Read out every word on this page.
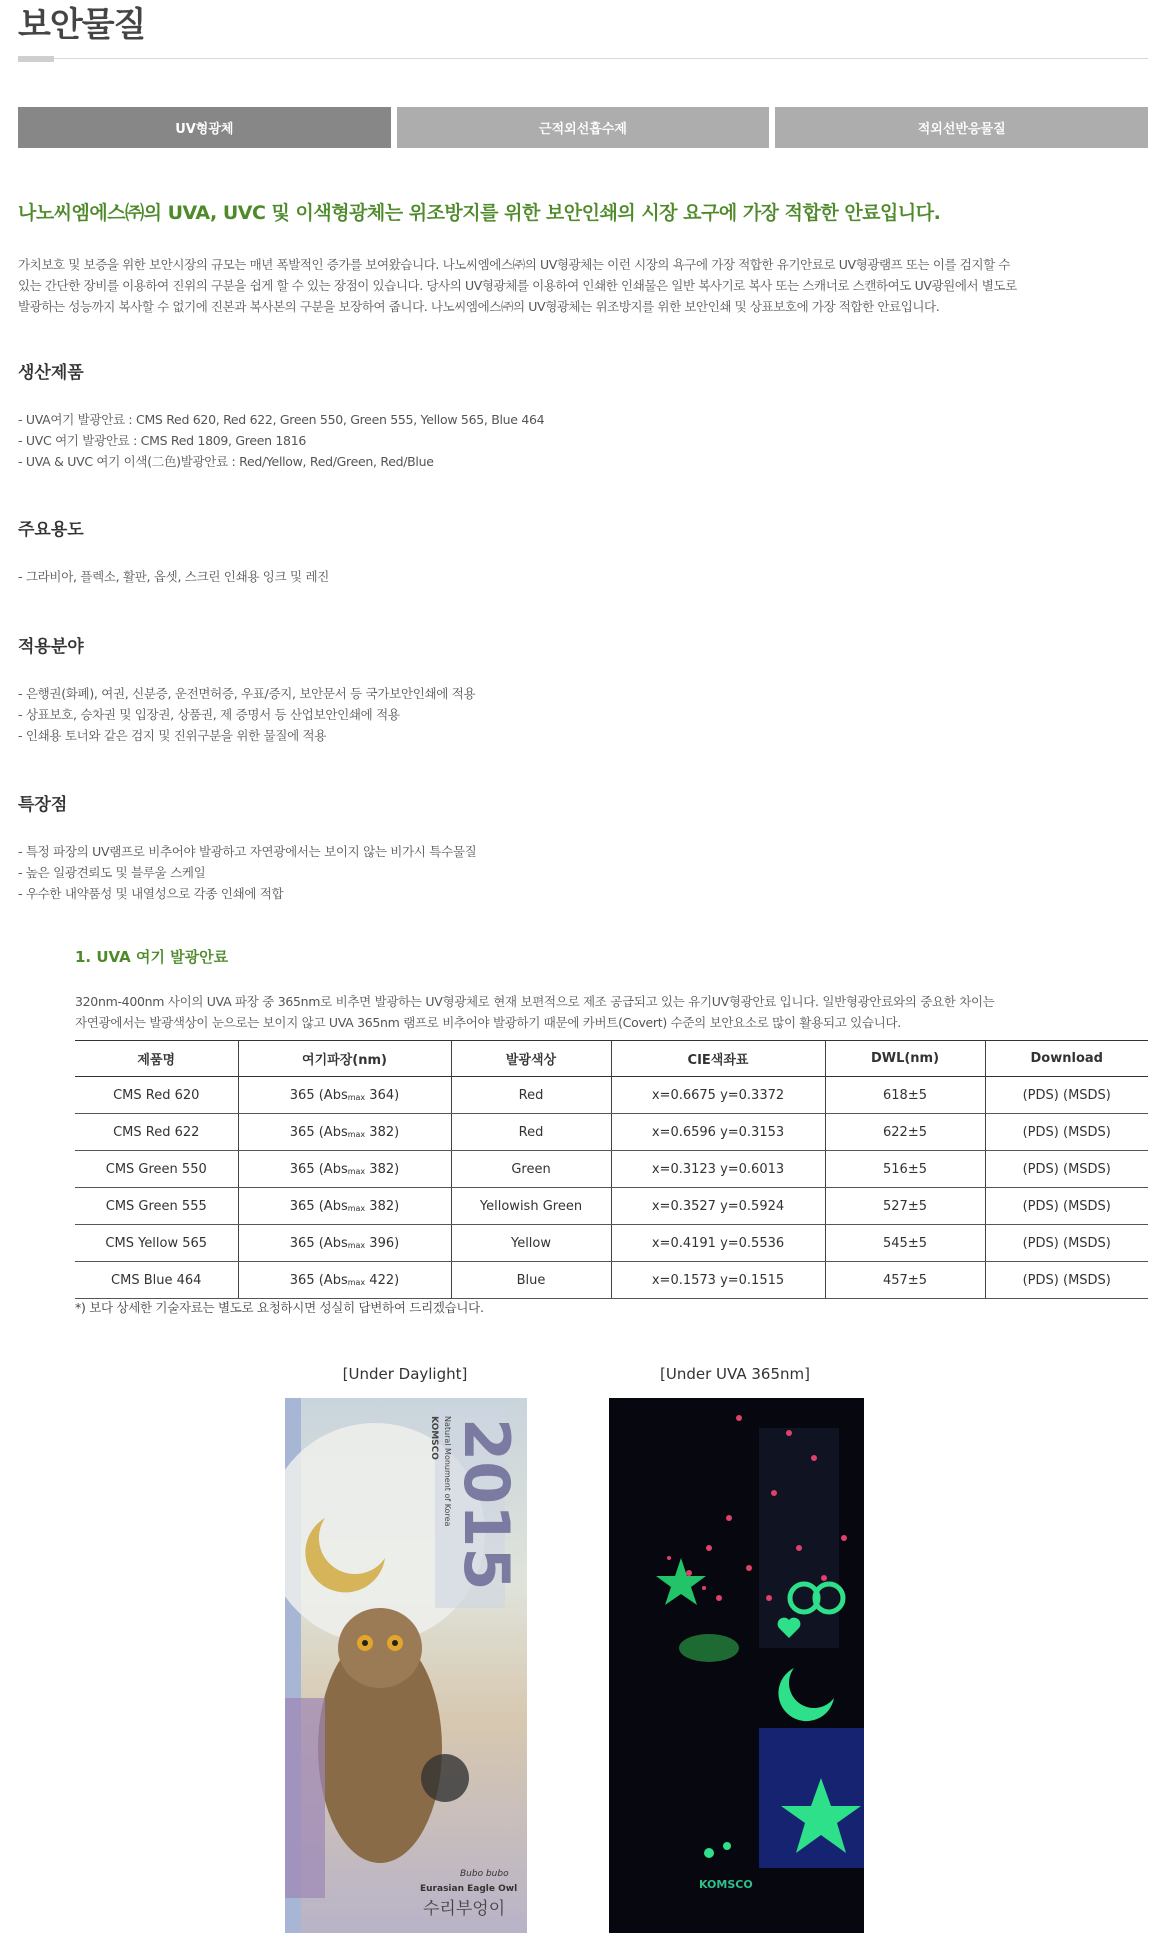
보안물질
UV형광체	근적외선흡수제	적외선반응물질
나노씨엠에스㈜의 UVA, UVC 및 이색형광체는 위조방지를 위한 보안인쇄의 시장 요구에 가장 적합한 안료입니다.

가치보호 및 보증을 위한 보안시장의 규모는 매년 폭발적인 증가를 보여왔습니다. 나노씨엠에스㈜의 UV형광체는 이런 시장의 욕구에 가장 적합한 유기안료로 UV형광램프 또는 이를 검지할 수

있는 간단한 장비를 이용하여 진위의 구분을 쉽게 할 수 있는 장점이 있습니다. 당사의 UV형광체를 이용하여 인쇄한 인쇄물은 일반 복사기로 복사 또는 스캐너로 스캔하여도 UV광원에서 별도로

발광하는 성능까지 복사할 수 없기에 진본과 복사본의 구분을 보장하여 줍니다. 나노씨엠에스㈜의 UV형광체는 위조방지를 위한 보안인쇄 및 상표보호에 가장 적합한 안료입니다.

생산제품
- UVA여기 발광안료 : CMS Red 620, Red 622, Green 550, Green 555, Yellow 565, Blue 464
- UVC 여기 발광안료 : CMS Red 1809, Green 1816
- UVA & UVC 여기 이색(二色)발광안료 : Red/Yellow, Red/Green, Red/Blue
주요용도
- 그라비아, 플렉소, 활판, 옵셋, 스크린 인쇄용 잉크 및 레진
적용분야
- 은행권(화폐), 여권, 신분증, 운전면허증, 우표/증지, 보안문서 등 국가보안인쇄에 적용
- 상표보호, 승차권 및 입장권, 상품권, 제 증명서 등 산업보안인쇄에 적용
- 인쇄용 토너와 같은 검지 및 진위구분을 위한 물질에 적용
특장점
- 특정 파장의 UV램프로 비추어야 발광하고 자연광에서는 보이지 않는 비가시 특수물질
- 높은 일광견뢰도 및 블루울 스케일
- 우수한 내약품성 및 내열성으로 각종 인쇄에 적합
1. UVA 여기 발광안료

320nm-400nm 사이의 UVA 파장 중 365nm로 비추면 발광하는 UV형광체로 현재 보편적으로 제조 공급되고 있는 유기UV형광안료 입니다. 일반형광안료와의 중요한 차이는

자연광에서는 발광색상이 눈으로는 보이지 않고 UVA 365nm 램프로 비추어야 발광하기 때문에 카버트(Covert) 수준의 보안요소로 많이 활용되고 있습니다.

제품명	여기파장(nm)	발광색상	CIE색좌표	DWL(nm)	Download
CMS Red 620	365 (Abs$_{max}$ 364)	Red	x=0.6675 y=0.3372	618±5	(PDS) (MSDS)
CMS Red 622	365 (Abs$_{max}$ 382)	Red	x=0.6596 y=0.3153	622±5	(PDS) (MSDS)
CMS Green 550	365 (Abs$_{max}$ 382)	Green	x=0.3123 y=0.6013	516±5	(PDS) (MSDS)
CMS Green 555	365 (Abs$_{max}$ 382)	Yellowish Green	x=0.3527 y=0.5924	527±5	(PDS) (MSDS)
CMS Yellow 565	365 (Abs$_{max}$ 396)	Yellow	x=0.4191 y=0.5536	545±5	(PDS) (MSDS)
CMS Blue 464	365 (Abs$_{max}$ 422)	Blue	x=0.1573 y=0.1515	457±5	(PDS) (MSDS)
*) 보다 상세한 기술자료는 별도로 요청하시면 성실히 답변하여 드리겠습니다.
[Under Daylight]	[Under UVA 365nm]
2015
KOMSCO Natural Monument of Korea
Bubo bubo
Eurasian Eagle Owl
수리부엉이
KOMSCO
